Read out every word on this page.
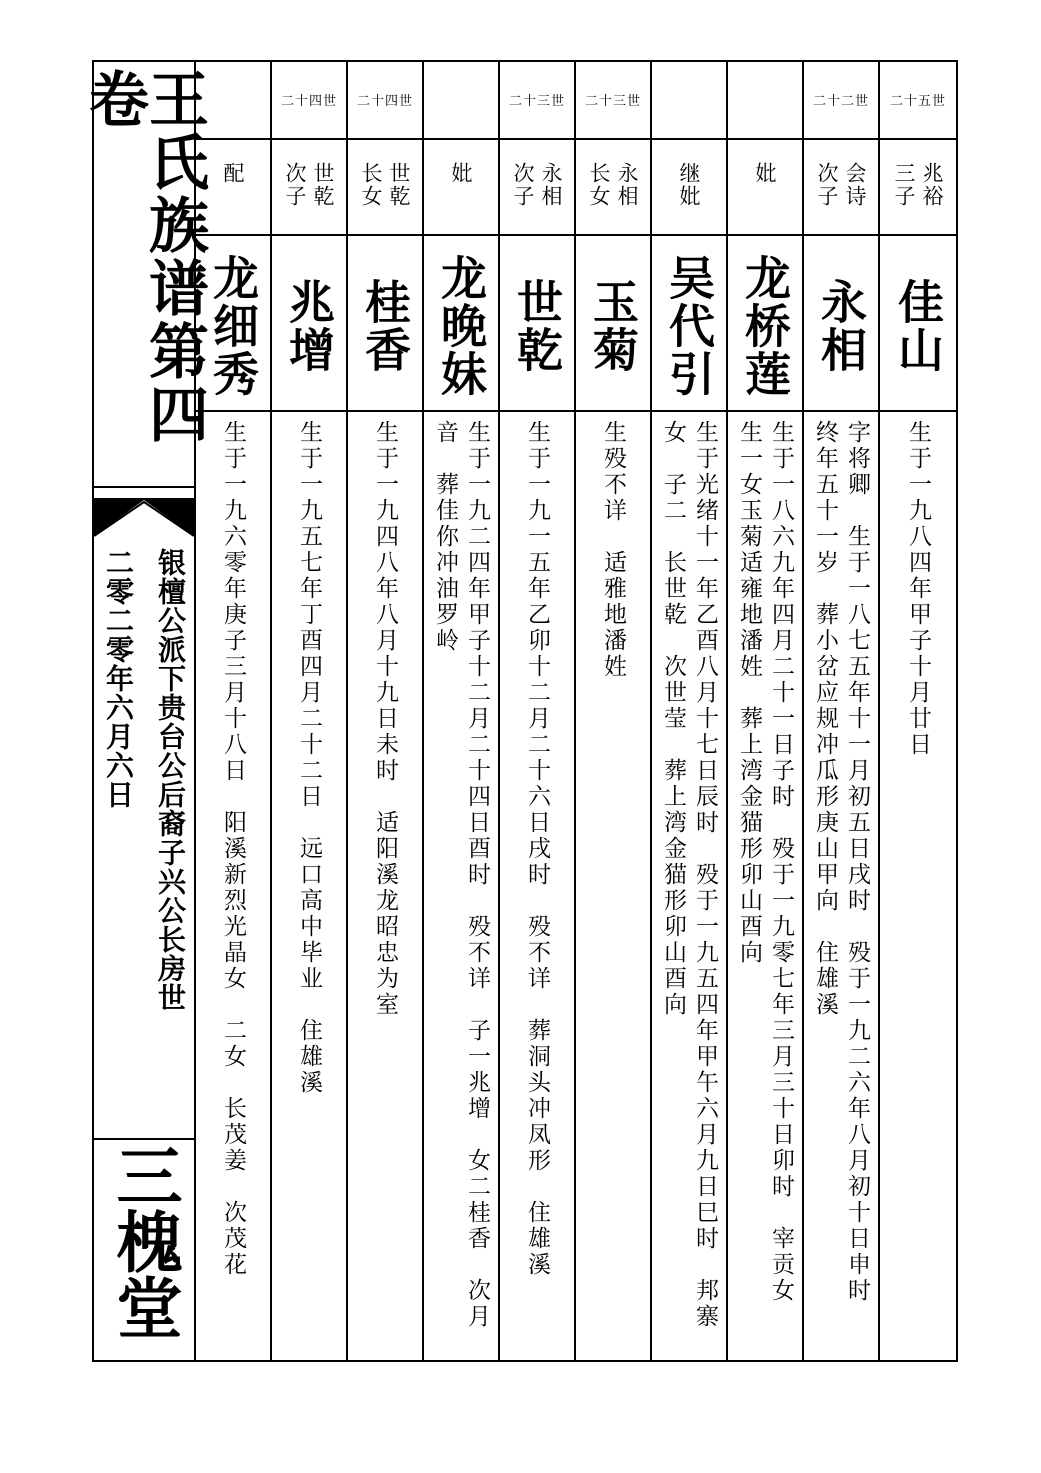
王氏族谱第四卷
银檀公派下贵台公后裔子兴公长房世
二零二零年六月六日
三槐堂
二十五世
兆裕三子
佳山
生于一九八四年甲子十月廿日
二十二世
会诗次子
永相
字将卿　生于一八七五年十一月初五日戌时　殁于一九二六年八月初十日申时　终年五十一岁　葬小岔应规冲瓜形庚山甲向　住雄溪
妣
龙桥莲
生于一八六九年四月二十一日子时　殁于一九零七年三月三十日卯时　宰贡女　生一女玉菊适雍地潘姓　葬上湾金猫形卯山酉向
继妣
吴代引
生于光绪十一年乙酉八月十七日辰时　殁于一九五四年甲午六月九日巳时　邦寨女　子二　长世乾　次世莹　葬上湾金猫形卯山酉向
二十三世
永相长女
玉菊
生殁不详　适雅地潘姓
二十三世
永相次子
世乾
生于一九一五年乙卯十二月二十六日戌时　殁不详　葬洞头冲凤形　住雄溪
妣
龙晚妹
生于一九二四年甲子十二月二十四日酉时　殁不详　子一兆增　女二桂香　次月音　葬佳你冲油罗岭
二十四世
世乾长女
桂香
生于一九四八年八月十九日未时　适阳溪龙昭忠为室
二十四世
世乾次子
兆增
生于一九五七年丁酉四月二十二日　远口高中毕业　住雄溪
配
龙细秀
生于一九六零年庚子三月十八日　阳溪新烈光晶女　二女　长茂姜　次茂花
